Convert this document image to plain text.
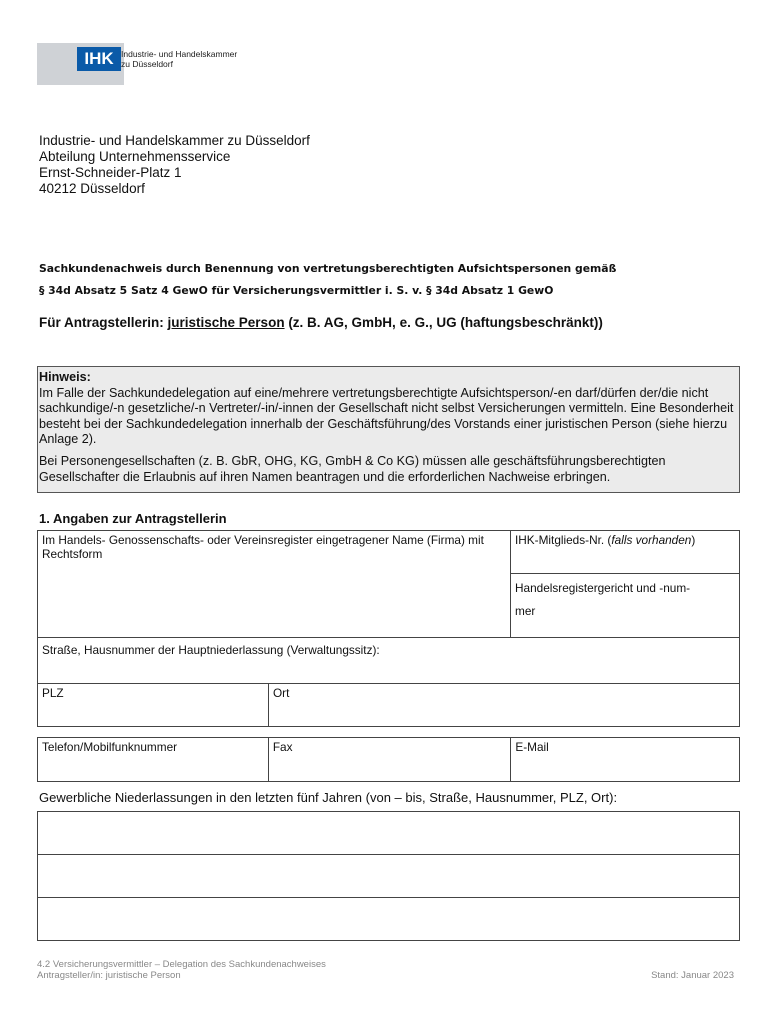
IHK Industrie- und Handelskammer
zu Düsseldorf
Industrie- und Handelskammer zu Düsseldorf
Abteilung Unternehmensservice
Ernst-Schneider-Platz 1
40212 Düsseldorf
Sachkundenachweis durch Benennung von vertretungsberechtigten Aufsichtspersonen gemäß
§ 34d Absatz 5 Satz 4 GewO für Versicherungsvermittler i. S. v. § 34d Absatz 1 GewO
Für Antragstellerin: juristische Person (z. B. AG, GmbH, e. G., UG (haftungsbeschränkt))
Hinweis:

Im Falle der Sachkundedelegation auf eine/mehrere vertretungsberechtigte Aufsichtsperson/-en darf/dürfen der/die nicht sachkundige/-n gesetzliche/-n Vertreter/-in/-innen der Gesellschaft nicht selbst Versicherungen vermitteln. Eine Besonderheit besteht bei der Sachkundedelegation innerhalb der Geschäftsführung/des Vorstands einer juristischen Person (siehe hierzu Anlage 2).

Bei Personengesellschaften (z. B. GbR, OHG, KG, GmbH & Co KG) müssen alle geschäftsführungsberechtigten Gesellschafter die Erlaubnis auf ihren Namen beantragen und die erforderlichen Nachweise erbringen.

1. Angaben zur Antragstellerin
Im Handels- Genossenschafts- oder Vereinsregister eingetragener Name (Firma) mit Rechtsform		IHK-Mitglieds-Nr. (falls vorhanden)

		Handelsregistergericht und -num-
mer

Straße, Hausnummer der Hauptniederlassung (Verwaltungssitz):		
PLZ	Ort	
Telefon/Mobilfunknummer	Fax	E-Mail
Gewerbliche Niederlassungen in den letzten fünf Jahren (von – bis, Straße, Hausnummer, PLZ, Ort):

4.2 Versicherungsvermittler – Delegation des Sachkundenachweises
Antragsteller/in: juristische Person	Stand: Januar 2023
